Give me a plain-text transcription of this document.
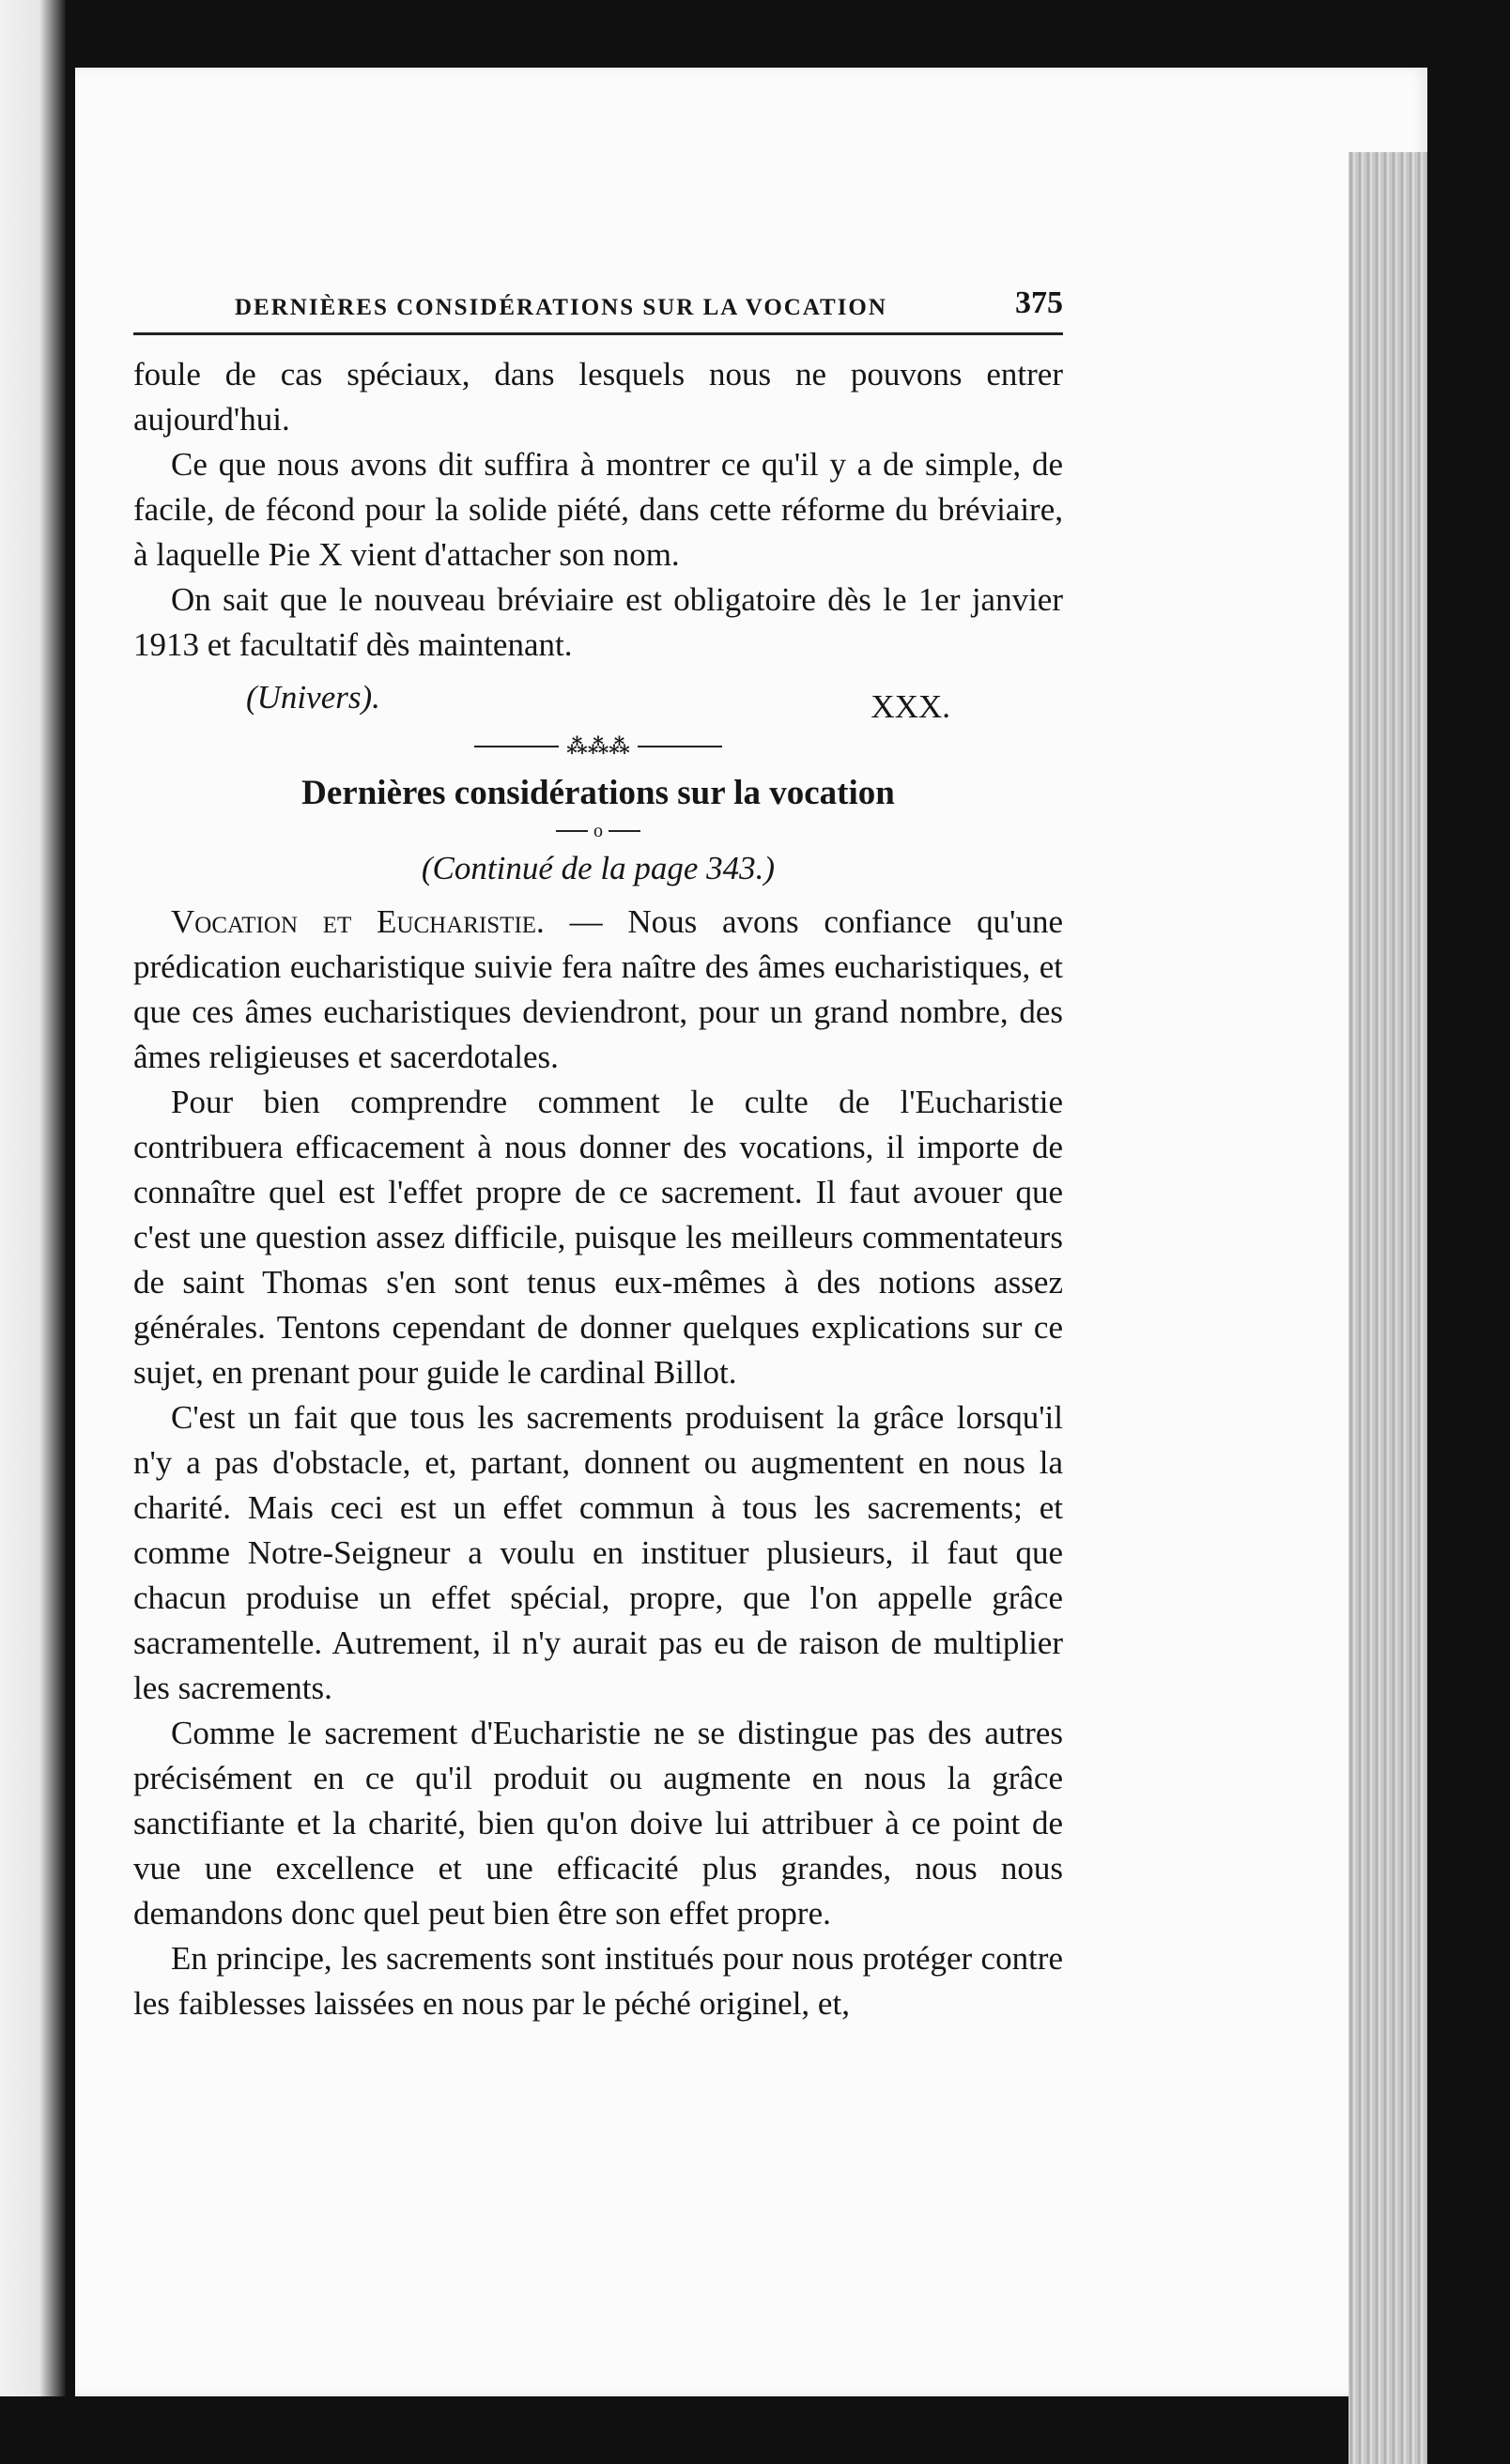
DERNIÈRES CONSIDÉRATIONS SUR LA VOCATION	375

foule de cas spéciaux, dans lesquels nous ne pouvons entrer aujourd'hui.

Ce que nous avons dit suffira à montrer ce qu'il y a de simple, de facile, de fécond pour la solide piété, dans cette réforme du bréviaire, à laquelle Pie X vient d'attacher son nom.

On sait que le nouveau bréviaire est obligatoire dès le 1er janvier 1913 et facultatif dès maintenant.

(Univers).	XXX.
⁂⁂⁂
Dernières considérations sur la vocation
o
(Continué de la page 343.)

Vocation et Eucharistie. — Nous avons confiance qu'une prédication eucharistique suivie fera naître des âmes eucharistiques, et que ces âmes eucharistiques deviendront, pour un grand nombre, des âmes religieuses et sacerdotales.

Pour bien comprendre comment le culte de l'Eucharistie contribuera efficacement à nous donner des vocations, il importe de connaître quel est l'effet propre de ce sacrement. Il faut avouer que c'est une question assez difficile, puisque les meilleurs commentateurs de saint Thomas s'en sont tenus eux-mêmes à des notions assez générales. Tentons cependant de donner quelques explications sur ce sujet, en prenant pour guide le cardinal Billot.

C'est un fait que tous les sacrements produisent la grâce lorsqu'il n'y a pas d'obstacle, et, partant, donnent ou augmentent en nous la charité. Mais ceci est un effet commun à tous les sacrements; et comme Notre-Seigneur a voulu en instituer plusieurs, il faut que chacun produise un effet spécial, propre, que l'on appelle grâce sacramentelle. Autrement, il n'y aurait pas eu de raison de multiplier les sacrements.

Comme le sacrement d'Eucharistie ne se distingue pas des autres précisément en ce qu'il produit ou augmente en nous la grâce sanctifiante et la charité, bien qu'on doive lui attribuer à ce point de vue une excellence et une efficacité plus grandes, nous nous demandons donc quel peut bien être son effet propre.

En principe, les sacrements sont institués pour nous protéger contre les faiblesses laissées en nous par le péché originel, et,
